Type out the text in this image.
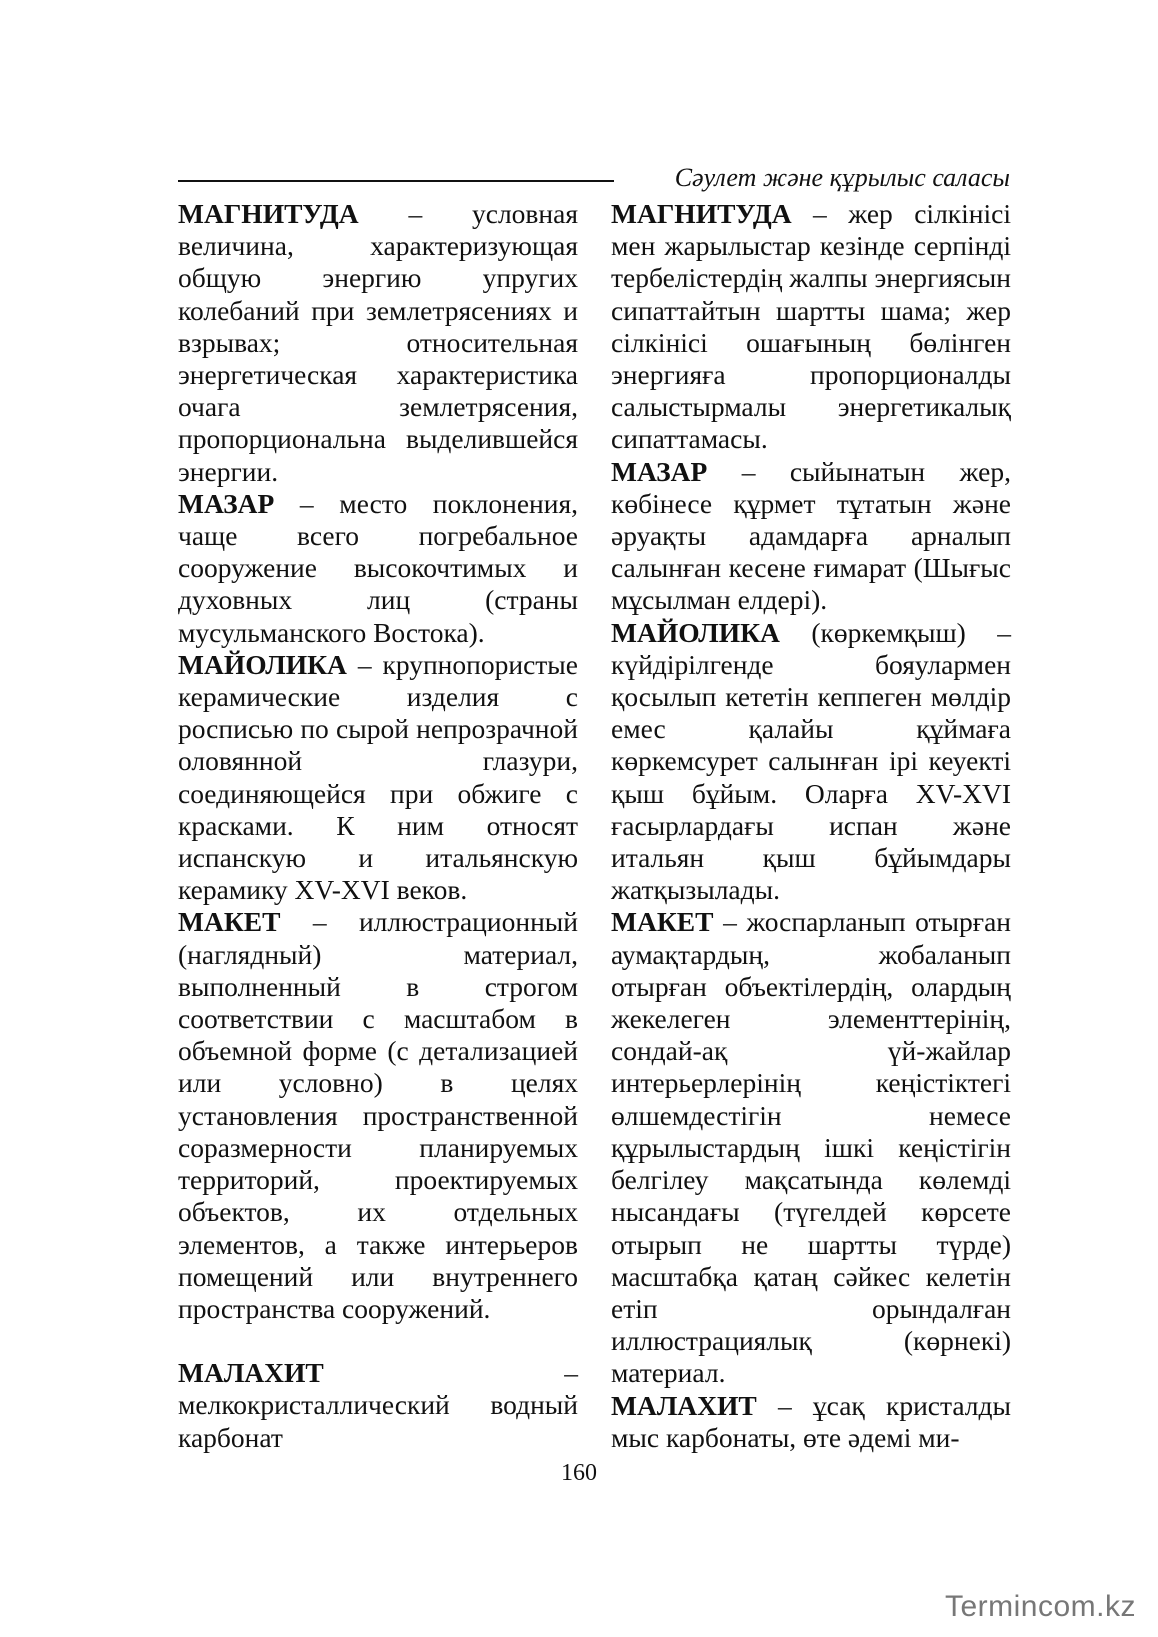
Сәулет және құрылыс саласы

МАГНИТУДА – условная величина, характеризующая общую энергию упругих колебаний при землетрясениях и взрывах; относительная энергетическая характеристика очага землетрясения, пропорциональна выделившейся энергии.

МАЗАР – место поклонения, чаще всего погребальное сооружение высокочтимых и духовных лиц (страны мусульманского Востока).

МАЙОЛИКА – крупнопористые керамические изделия с росписью по сырой непрозрачной оловянной глазури, соединяющейся при обжиге с красками. К ним относят испанскую и итальянскую керамику XV-XVI веков.

МАКЕТ – иллюстрационный (наглядный) материал, выполненный в строгом соответствии с масштабом в объемной форме (с детализацией или условно) в целях установления пространственной соразмерности планируемых территорий, проектируемых объектов, их отдельных элементов, а также интерьеров помещений или внутреннего пространства сооружений.

МАЛАХИТ – мелкокристаллический водный карбонат

МАГНИТУДА – жер сілкінісі мен жарылыстар кезінде серпінді тербелістердің жалпы энергиясын сипаттайтын шартты шама; жер сілкінісі ошағының бөлінген энергияға пропорционалды салыстырмалы энергетикалық сипаттамасы.

МАЗАР – сыйынатын жер, көбінесе құрмет тұтатын және әруақты адамдарға арналып салынған кесене ғимарат (Шығыс мұсылман елдері).

МАЙОЛИКА (көркемқыш) – күйдірілгенде бояулармен қосылып кететін кеппеген мөлдір емес қалайы құймаға көркемсурет салынған ірі кеуекті қыш бұйым. Оларға XV-XVI ғасырлардағы испан және итальян қыш бұйымдары жатқызылады.

МАКЕТ – жоспарланып отырған аумақтардың, жобаланып отырған объектілердің, олардың жекелеген элементтерінің, сондай-ақ үй-жайлар интерьерлерінің кеңістіктегі өлшемдестігін немесе құрылыстардың ішкі кеңістігін белгілеу мақсатында көлемді нысандағы (түгелдей көрсете отырып не шартты түрде) масштабқа қатаң сәйкес келетін етіп орындалған иллюстрациялық (көрнекі) материал.

МАЛАХИТ – ұсақ кристалды мыс карбонаты, өте әдемі ми-

160
Termincom.kz
